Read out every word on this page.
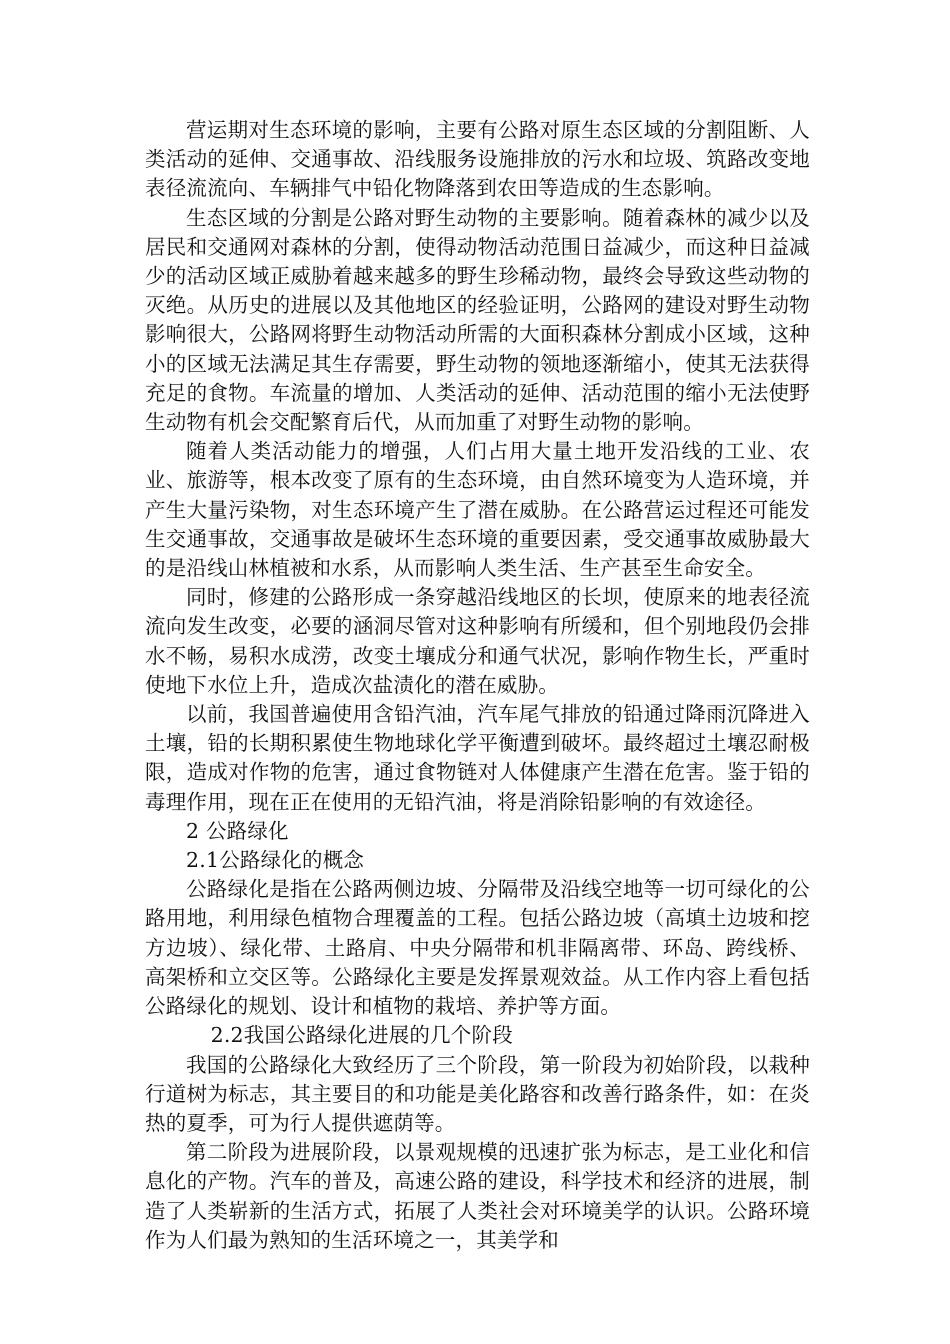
营运期对生态环境的影响，主要有公路对原生态区域的分割阻断、人类活动的延伸、交通事故、沿线服务设施排放的污水和垃圾、筑路改变地表径流流向、车辆排气中铅化物降落到农田等造成的生态影响。

生态区域的分割是公路对野生动物的主要影响。随着森林的减少以及居民和交通网对森林的分割，使得动物活动范围日益减少，而这种日益减少的活动区域正威胁着越来越多的野生珍稀动物，最终会导致这些动物的灭绝。从历史的进展以及其他地区的经验证明，公路网的建设对野生动物影响很大，公路网将野生动物活动所需的大面积森林分割成小区域，这种小的区域无法满足其生存需要，野生动物的领地逐渐缩小，使其无法获得充足的食物。车流量的增加、人类活动的延伸、活动范围的缩小无法使野生动物有机会交配繁育后代，从而加重了对野生动物的影响。

随着人类活动能力的增强，人们占用大量土地开发沿线的工业、农业、旅游等，根本改变了原有的生态环境，由自然环境变为人造环境，并产生大量污染物，对生态环境产生了潜在威胁。在公路营运过程还可能发生交通事故，交通事故是破坏生态环境的重要因素，受交通事故威胁最大的是沿线山林植被和水系，从而影响人类生活、生产甚至生命安全。

同时，修建的公路形成一条穿越沿线地区的长坝，使原来的地表径流流向发生改变，必要的涵洞尽管对这种影响有所缓和，但个别地段仍会排水不畅，易积水成涝，改变土壤成分和通气状况，影响作物生长，严重时使地下水位上升，造成次盐渍化的潜在威胁。

以前，我国普遍使用含铅汽油，汽车尾气排放的铅通过降雨沉降进入土壤，铅的长期积累使生物地球化学平衡遭到破坏。最终超过土壤忍耐极限，造成对作物的危害，通过食物链对人体健康产生潜在危害。鉴于铅的毒理作用，现在正在使用的无铅汽油，将是消除铅影响的有效途径。

2 公路绿化

2.1公路绿化的概念

公路绿化是指在公路两侧边坡、分隔带及沿线空地等一切可绿化的公路用地，利用绿色植物合理覆盖的工程。包括公路边坡（高填土边坡和挖方边坡）、绿化带、土路肩、中央分隔带和机非隔离带、环岛、跨线桥、高架桥和立交区等。公路绿化主要是发挥景观效益。从工作内容上看包括公路绿化的规划、设计和植物的栽培、养护等方面。

2.2我国公路绿化进展的几个阶段

我国的公路绿化大致经历了三个阶段，第一阶段为初始阶段，以栽种行道树为标志，其主要目的和功能是美化路容和改善行路条件，如：在炎热的夏季，可为行人提供遮荫等。

第二阶段为进展阶段，以景观规模的迅速扩张为标志，是工业化和信息化的产物。汽车的普及，高速公路的建设，科学技术和经济的进展，制造了人类崭新的生活方式，拓展了人类社会对环境美学的认识。公路环境作为人们最为熟知的生活环境之一，其美学和
